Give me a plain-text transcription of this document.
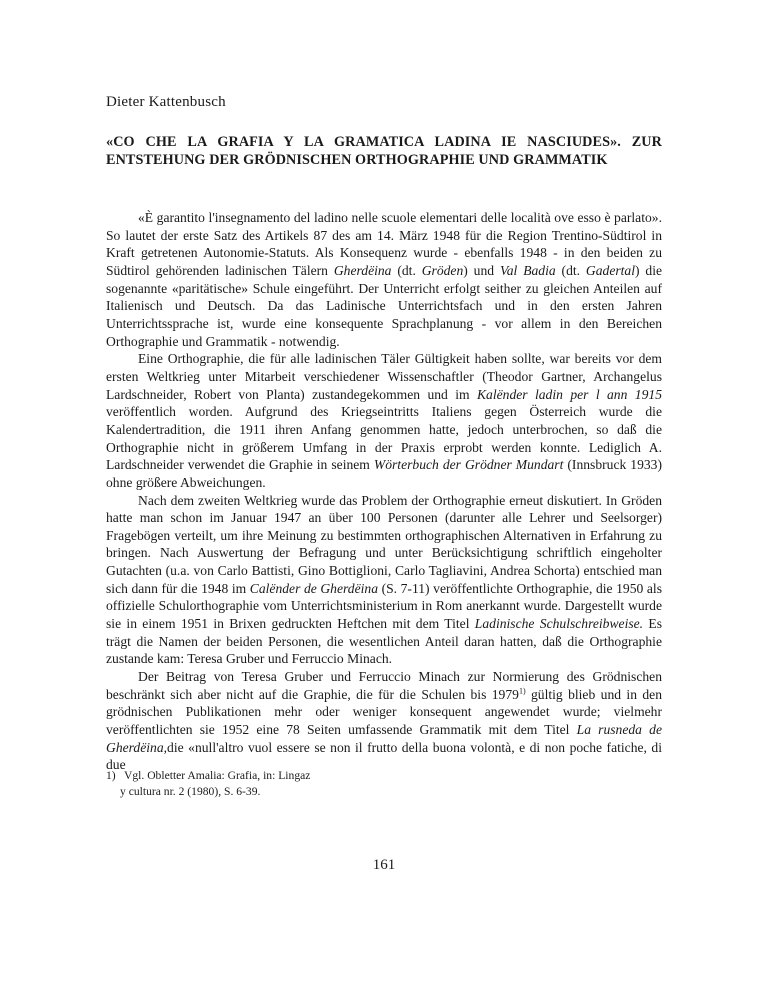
Dieter Kattenbusch
«CO CHE LA GRAFIA Y LA GRAMATICA LADINA IE NASCIUDES». ZUR ENTSTEHUNG DER GRÖDNISCHEN ORTHOGRAPHIE UND GRAMMATIK

«È garantito l'insegnamento del ladino nelle scuole elementari delle località ove esso è parlato». So lautet der erste Satz des Artikels 87 des am 14. März 1948 für die Region Trentino-Südtirol in Kraft getretenen Autonomie-Statuts. Als Konsequenz wurde - ebenfalls 1948 - in den beiden zu Südtirol gehörenden ladinischen Tälern Gherdëina (dt. Gröden) und Val Badia (dt. Gadertal) die sogenannte «paritätische» Schule eingeführt. Der Unterricht erfolgt seither zu gleichen Anteilen auf Italienisch und Deutsch. Da das Ladinische Unterrichtsfach und in den ersten Jahren Unterrichtssprache ist, wurde eine konsequente Sprachplanung - vor allem in den Bereichen Orthographie und Grammatik - notwendig.

Eine Orthographie, die für alle ladinischen Täler Gültigkeit haben sollte, war bereits vor dem ersten Weltkrieg unter Mitarbeit verschiedener Wissenschaftler (Theodor Gartner, Archangelus Lardschneider, Robert von Planta) zustandegekommen und im Kalënder ladin per l ann 1915 veröffentlich worden. Aufgrund des Kriegseintritts Italiens gegen Österreich wurde die Kalendertradition, die 1911 ihren Anfang genommen hatte, jedoch unterbrochen, so daß die Orthographie nicht in größerem Umfang in der Praxis erprobt werden konnte. Lediglich A. Lardschneider verwendet die Graphie in seinem Wörterbuch der Grödner Mundart (Innsbruck 1933) ohne größere Abweichungen.

Nach dem zweiten Weltkrieg wurde das Problem der Orthographie erneut diskutiert. In Gröden hatte man schon im Januar 1947 an über 100 Personen (darunter alle Lehrer und Seelsorger) Fragebögen verteilt, um ihre Meinung zu bestimmten orthographischen Alternativen in Erfahrung zu bringen. Nach Auswertung der Befragung und unter Berücksichtigung schriftlich eingeholter Gutachten (u.a. von Carlo Battisti, Gino Bottiglioni, Carlo Tagliavini, Andrea Schorta) entschied man sich dann für die 1948 im Calënder de Gherdëina (S. 7-11) veröffentlichte Orthographie, die 1950 als offizielle Schulorthographie vom Unterrichtsministerium in Rom anerkannt wurde. Dargestellt wurde sie in einem 1951 in Brixen gedruckten Heftchen mit dem Titel Ladinische Schulschreibweise. Es trägt die Namen der beiden Personen, die wesentlichen Anteil daran hatten, daß die Orthographie zustande kam: Teresa Gruber und Ferruccio Minach.

Der Beitrag von Teresa Gruber und Ferruccio Minach zur Normierung des Grödnischen beschränkt sich aber nicht auf die Graphie, die für die Schulen bis 1979$^{1)}$ gültig blieb und in den grödnischen Publikationen mehr oder weniger konsequent angewendet wurde; vielmehr veröffentlichten sie 1952 eine 78 Seiten umfassende Grammatik mit dem Titel La rusneda de Gherdëina,die «null'altro vuol essere se non il frutto della buona volontà, e di non poche fatiche, di due

1) Vgl. Obletter Amalia: Grafia, in: Lingaz
y cultura nr. 2 (1980), S. 6-39.
161
